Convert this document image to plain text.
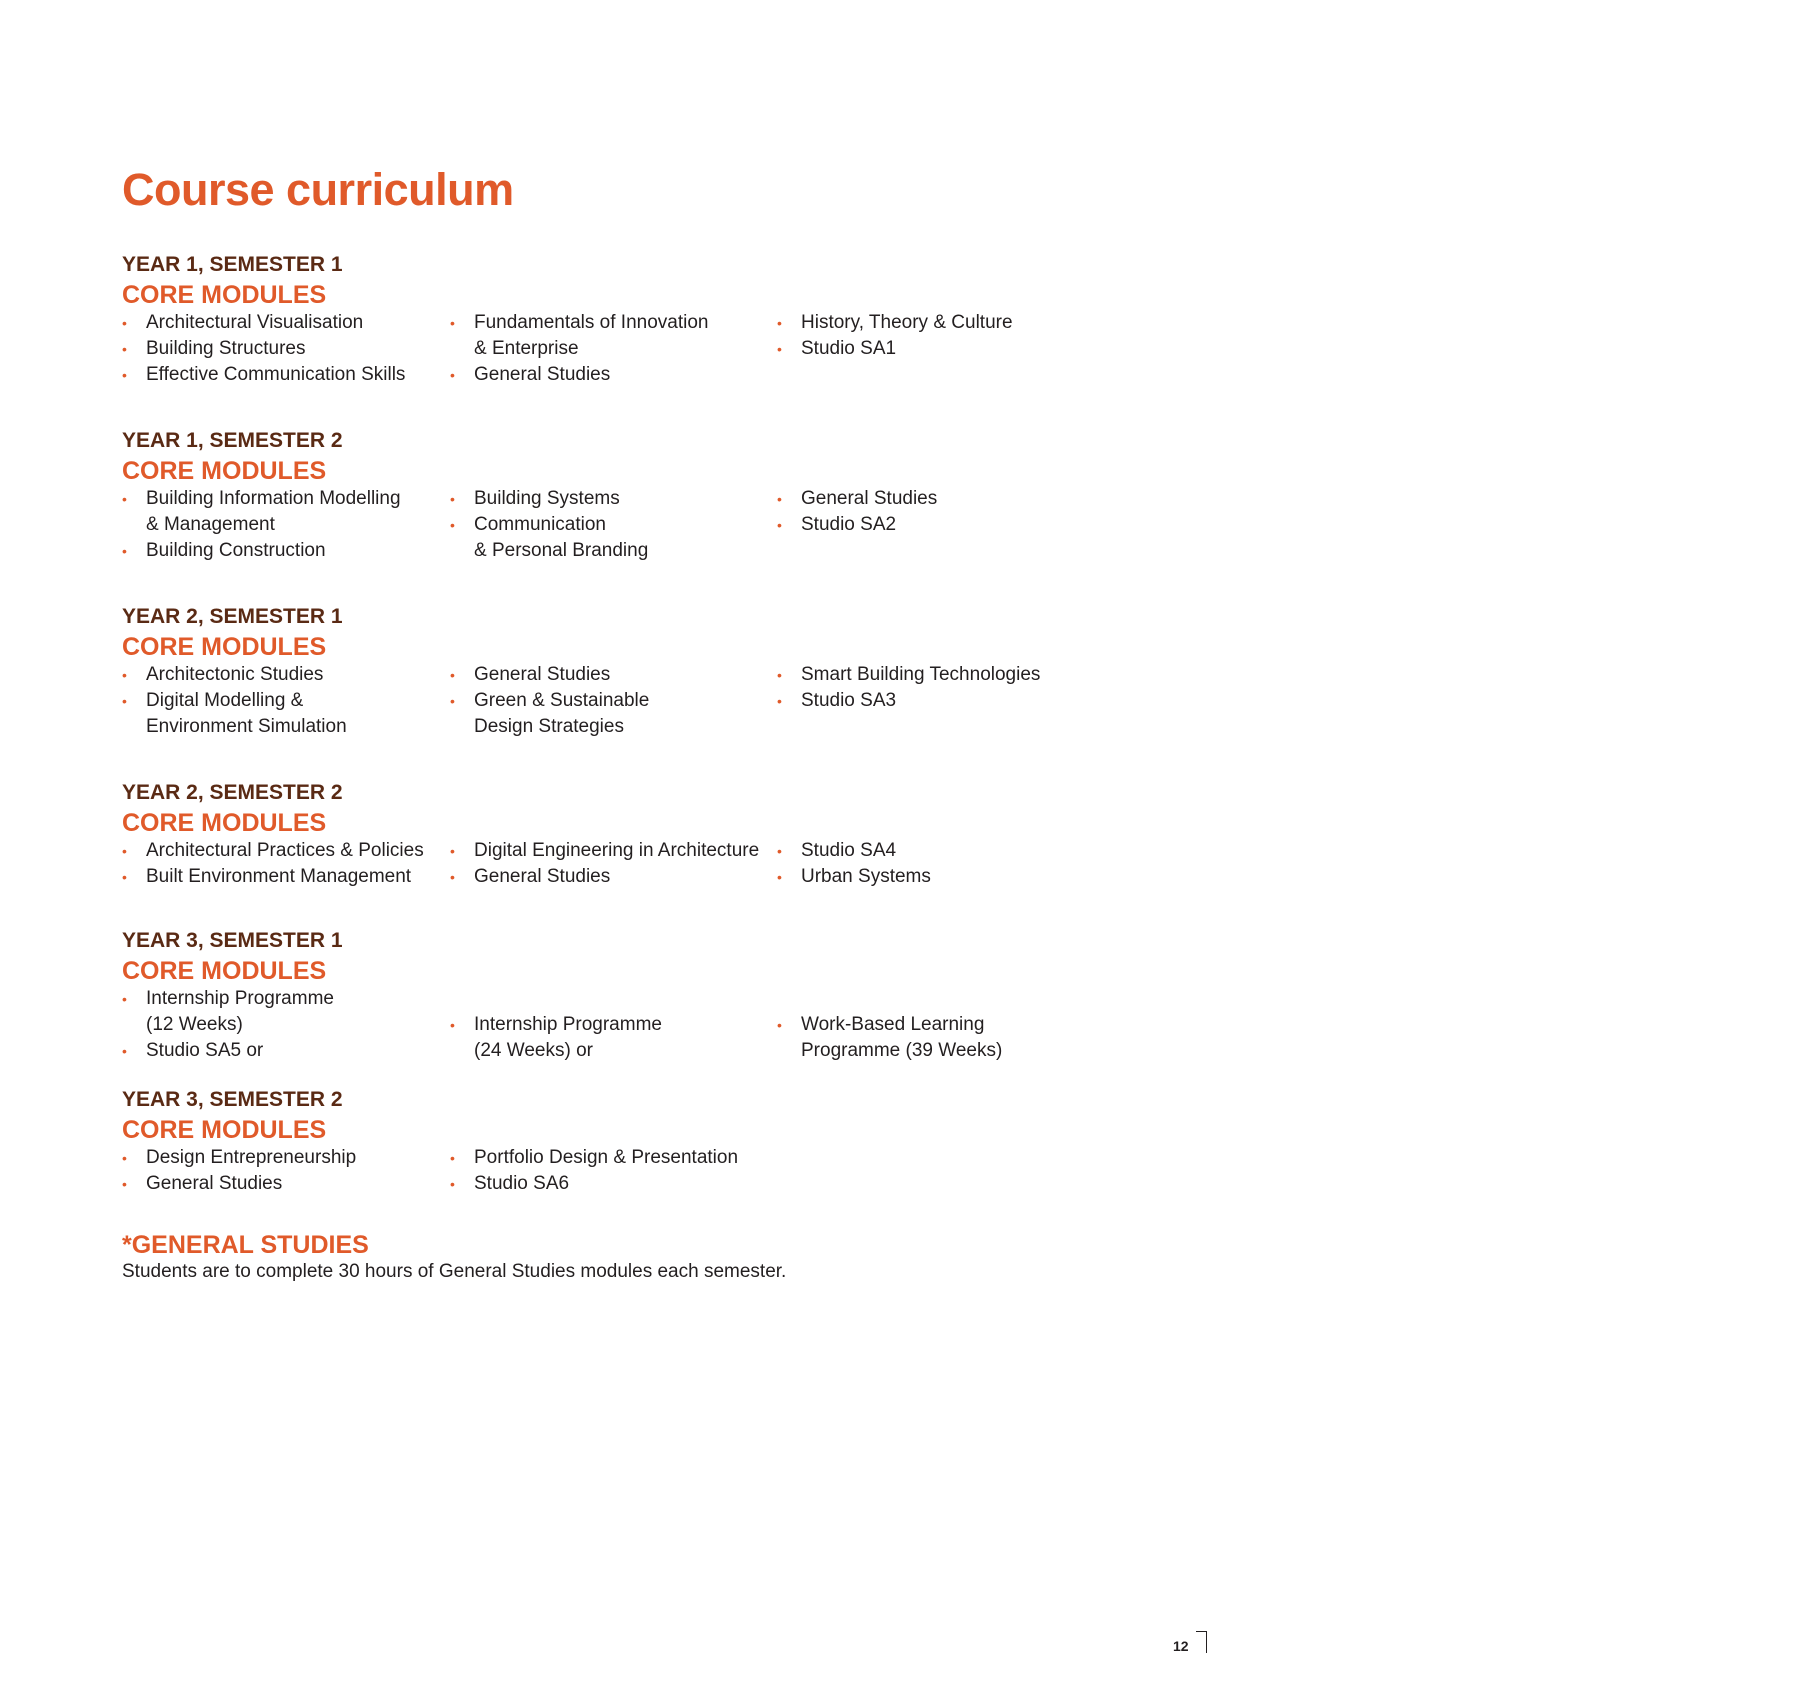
Course curriculum
YEAR 1, SEMESTER 1
CORE MODULES
• Architectural Visualisation
• Building Structures
• Effective Communication Skills
• Fundamentals of Innovation
& Enterprise
• General Studies
• History, Theory & Culture
• Studio SA1
YEAR 1, SEMESTER 2
CORE MODULES
• Building Information Modelling
& Management
• Building Construction
• Building Systems
• Communication
& Personal Branding
• General Studies
• Studio SA2
YEAR 2, SEMESTER 1
CORE MODULES
• Architectonic Studies
• Digital Modelling &
Environment Simulation
• General Studies
• Green & Sustainable
Design Strategies
• Smart Building Technologies
• Studio SA3
YEAR 2, SEMESTER 2
CORE MODULES
• Architectural Practices & Policies
• Built Environment Management
• Digital Engineering in Architecture
• General Studies
• Studio SA4
• Urban Systems
YEAR 3, SEMESTER 1
CORE MODULES
• Internship Programme
(12 Weeks)
• Studio SA5 or
• Internship Programme
(24 Weeks) or
• Work-Based Learning
Programme (39 Weeks)
YEAR 3, SEMESTER 2
CORE MODULES
• Design Entrepreneurship
• General Studies
• Portfolio Design & Presentation
• Studio SA6
*GENERAL STUDIES
Students are to complete 30 hours of General Studies modules each semester.
12
